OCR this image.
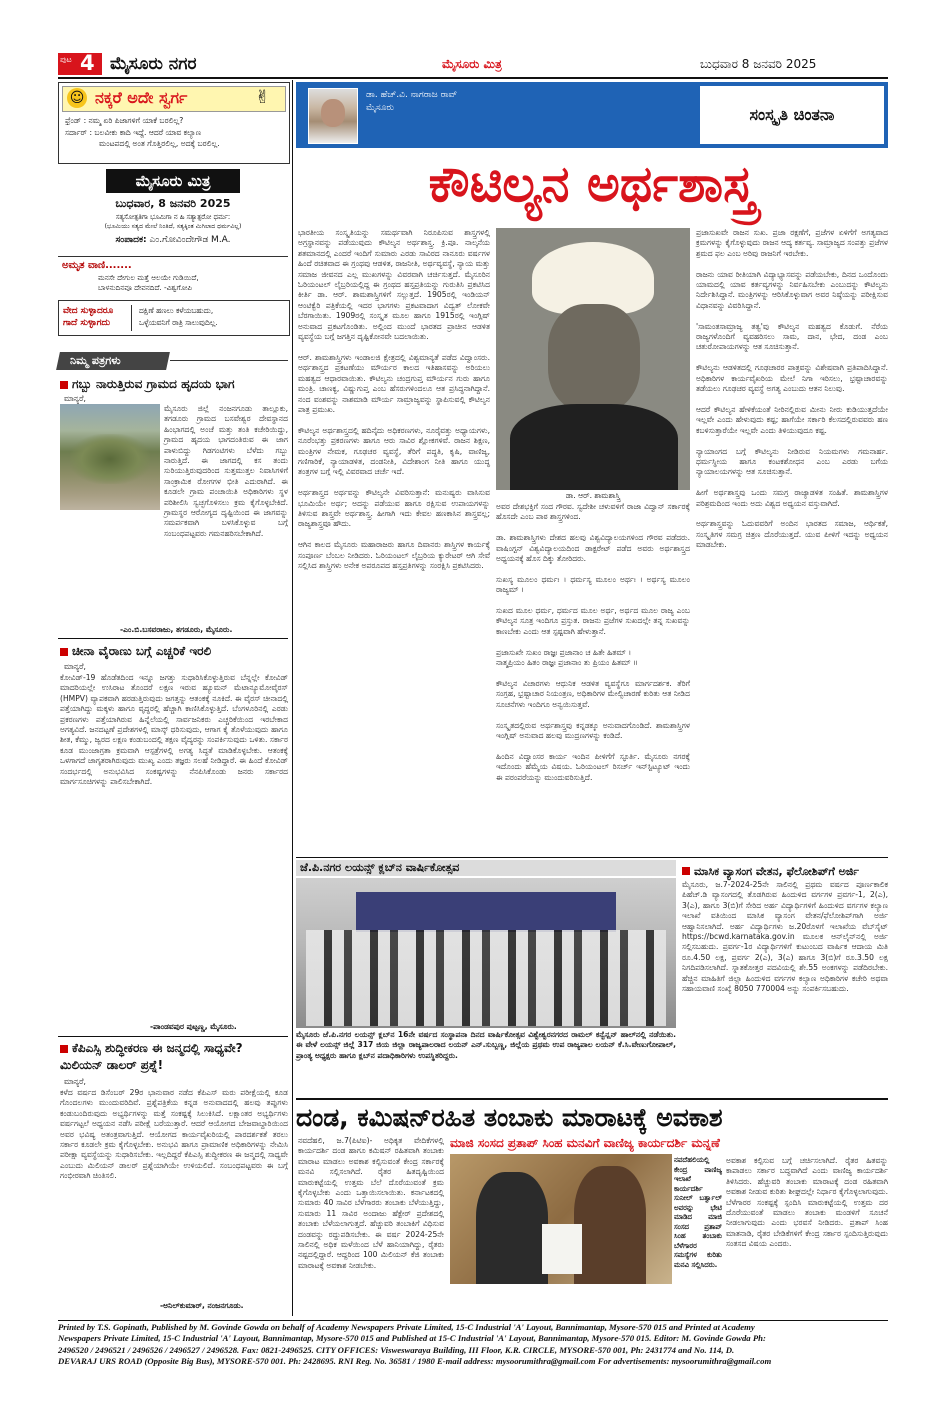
ಪುಟ 4 ಮೈಸೂರು ನಗರ	ಮೈಸೂರು ಮಿತ್ರ	ಬುಧವಾರ 8 ಜನವರಿ 2025
☺ ನಕ್ಕರೆ ಅದೇ ಸ್ವರ್ಗ	✌
ಫ್ರೆಂಡ್ : ನಮ್ಮ ಏರಿ ಪಿಜಾಗಳಿಗೆ ಯಾಕೆ ಬರಲಿಲ್ಲ?
ಸರ್ದಾರ್ : ಬಲವೀಕು ಕಾದಿ ಇದ್ದೆ. ಆದರೆ ಯಾವ ಕಲ್ಯಾಣ
ಮಂಟಪದಲ್ಲಿ ಅಂತ ಗೊತ್ತಿರಲಿಲ್ಲ, ಅದಕ್ಕೆ ಬರಲಿಲ್ಲ.
ಮೈಸೂರು ಮಿತ್ರ
ಬುಧವಾರ, 8 ಜನವರಿ 2025
ಸತ್ಯಸೋತ್ಪತಿಗಾ ಭೂಮಿಗಾ ನ ಹಿ ಸತ್ಯಾತ್ಪರೋ ಧರ್ಮ:
(ಭೂಮಿಯು ಸತ್ಯದ ಮೇಲೆ ನಿಂತಿದೆ, ಸತ್ಯಕ್ಕಿಂತ ಮಿಗಿಲಾದ ಧರ್ಮವಿಲ್ಲ)
ಸಂಪಾದಕ: ಎಂ.ಗೋವಿಂದೇಗೌಡ M.A.
ಅಮೃತ ವಾಣಿ.......
ಮನಸೇ ದೇಗುಲ ಮತ್ತೆ ಆಲಯೇ ಗುಡಿಯಿದೆ,
ಬಾಳನುದಿನವೂ ದೇವನದಿದೆ. -ವಿಶ್ವಗೋಪಿ
ವೇದ ಸುಳ್ಳಾದರೂ ಗಾದೆ ಸುಳ್ಳಾಗದು
ದಕ್ಷಿಣೆ ಹಣಲು ಕಳೆಯಬಹುದು,
ಒಳ್ಳೆಯವನಿಗೆ ರಾತ್ರಿ ಸಾಲುವುದಿಲ್ಲ.
ನಿಮ್ಮ ಪತ್ರಗಳು
ಗಬ್ಬು ನಾರುತ್ತಿರುವ ಗ್ರಾಮದ ಹೃದಯ ಭಾಗ
ಮಾನ್ಯರೆ,
ಮೈಸೂರು ಜಿಲ್ಲೆ ನಂಜನಗೂಡು ತಾಲ್ಲೂಕು, ತಗಡೂರು ಗ್ರಾಮದ ಬಸವೇಶ್ವರ ದೇವಸ್ಥಾನದ ಹಿಂಭಾಗದಲ್ಲಿ ಅಂಚೆ ಮತ್ತು ತಂತಿ ಕಚೇರಿಯಿದ್ದು, ಗ್ರಾಮದ ಹೃದಯ ಭಾಗದಂತಿರುವ ಈ ಜಾಗ ಪಾಳುಬಿದ್ದು ಗಿಡಗಂಟಿಗಳು ಬೆಳೆದು ಗಬ್ಬು ನಾರುತ್ತಿದೆ. ಈ ಜಾಗದಲ್ಲಿ ಕಸ ತಂದು ಸುರಿಯುತ್ತಿರುವುದರಿಂದ ಸುತ್ತಮುತ್ತಲ ನಿವಾಸಿಗಳಿಗೆ ಸಾಂಕ್ರಾಮಿಕ ರೋಗಗಳ ಭೀತಿ ಎದುರಾಗಿದೆ. ಈ ಕೂಡಲೇ ಗ್ರಾಮ ಪಂಚಾಯಿತಿ ಅಧಿಕಾರಿಗಳು ಸ್ಥಳ ಪರಿಶೀಲಿಸಿ ಸ್ವಚ್ಛಗೊಳಿಸಲು ಕ್ರಮ ಕೈಗೊಳ್ಳಬೇಕಿದೆ. ಗ್ರಾಮಸ್ಥರ ಆರೋಗ್ಯದ ದೃಷ್ಟಿಯಿಂದ ಈ ಜಾಗವನ್ನು ಸಮರ್ಪಕವಾಗಿ ಬಳಸಿಕೊಳ್ಳುವ ಬಗ್ಗೆ ಸಂಬಂಧಪಟ್ಟವರು ಗಮನಹರಿಸಬೇಕಾಗಿದೆ.
-ಎಂ.ಬಿ.ಬಸವರಾಜು, ತಗಡೂರು, ಮೈಸೂರು.
ಚೀನಾ ವೈರಾಣು ಬಗ್ಗೆ ಎಚ್ಚರಿಕೆ ಇರಲಿ
ಮಾನ್ಯರೆ,
ಕೋವಿಡ್-19 ಹೊಡೆತದಿಂದ ಇನ್ನೂ ಜಗತ್ತು ಸುಧಾರಿಸಿಕೊಳ್ಳುತ್ತಿರುವ ಬೆನ್ನಲ್ಲೇ ಕೋವಿಡ್ ಮಾದರಿಯಲ್ಲೇ ಉಸಿರಾಟ ತೊಂದರೆ ಲಕ್ಷಣ ಇರುವ ಹ್ಯೂಮನ್ ಮೆಟಾನ್ಯೂಮೋವೈರಸ್ (HMPV) ವ್ಯಾಪಕವಾಗಿ ಹರಡುತ್ತಿರುವುದು ಜಗತ್ತನ್ನು ಆತಂಕಕ್ಕೆ ನೂಕಿದೆ. ಈ ವೈರಸ್ ಚೀನಾದಲ್ಲಿ ಪತ್ತೆಯಾಗಿದ್ದು ಮಕ್ಕಳು ಹಾಗೂ ವೃದ್ಧರಲ್ಲಿ ಹೆಚ್ಚಾಗಿ ಕಾಣಿಸಿಕೊಳ್ಳುತ್ತಿದೆ. ಬೆಂಗಳೂರಿನಲ್ಲಿ ಎರಡು ಪ್ರಕರಣಗಳು ಪತ್ತೆಯಾಗಿರುವ ಹಿನ್ನೆಲೆಯಲ್ಲಿ ಸಾರ್ವಜನಿಕರು ಎಚ್ಚರಿಕೆಯಿಂದ ಇರಬೇಕಾದ ಅಗತ್ಯವಿದೆ. ಜನದಟ್ಟಣೆ ಪ್ರದೇಶಗಳಲ್ಲಿ ಮಾಸ್ಕ್ ಧರಿಸುವುದು, ಆಗಾಗ ಕೈ ತೊಳೆಯುವುದು ಹಾಗೂ ಶೀತ, ಕೆಮ್ಮು, ಜ್ವರದ ಲಕ್ಷಣ ಕಂಡುಬಂದಲ್ಲಿ ತಕ್ಷಣ ವೈದ್ಯರನ್ನು ಸಂಪರ್ಕಿಸುವುದು ಒಳಿತು. ಸರ್ಕಾರ ಕೂಡ ಮುಂಜಾಗ್ರತಾ ಕ್ರಮವಾಗಿ ಆಸ್ಪತ್ರೆಗಳಲ್ಲಿ ಅಗತ್ಯ ಸಿದ್ಧತೆ ಮಾಡಿಕೊಳ್ಳಬೇಕು. ಆತಂಕಕ್ಕೆ ಒಳಗಾಗದೆ ಜಾಗೃತರಾಗಿರುವುದು ಮುಖ್ಯ ಎಂದು ತಜ್ಞರು ಸಲಹೆ ನೀಡಿದ್ದಾರೆ. ಈ ಹಿಂದೆ ಕೋವಿಡ್ ಸಂದರ್ಭದಲ್ಲಿ ಅನುಭವಿಸಿದ ಸಂಕಷ್ಟಗಳನ್ನು ನೆನಪಿಸಿಕೊಂಡು ಜನರು ಸರ್ಕಾರದ ಮಾರ್ಗಸೂಚಿಗಳನ್ನು ಪಾಲಿಸಬೇಕಾಗಿದೆ.
-ಪಾಂಡವಪುರ ಪುಟ್ಟಣ್ಣ, ಮೈಸೂರು.
ಕೆಪಿಎಸ್ಸಿ ಶುದ್ಧೀಕರಣ ಈ ಜನ್ಮದಲ್ಲಿ ಸಾಧ್ಯವೇ? ಮಿಲಿಯನ್ ಡಾಲರ್ ಪ್ರಶ್ನೆ!
ಮಾನ್ಯರೆ,
ಕಳೆದ ವರ್ಷದ ಡಿಸೆಂಬರ್ 29ರ ಭಾನುವಾರ ನಡೆದ ಕೆಪಿಎಸ್ ಮರು ಪರೀಕ್ಷೆಯಲ್ಲಿ ಕೂಡ ಗೊಂದಲಗಳು ಮುಂದುವರಿದಿವೆ. ಪ್ರಶ್ನೆಪತ್ರಿಕೆಯ ಕನ್ನಡ ಅನುವಾದದಲ್ಲಿ ಹಲವು ತಪ್ಪುಗಳು ಕಂಡುಬಂದಿರುವುದು ಅಭ್ಯರ್ಥಿಗಳನ್ನು ಮತ್ತೆ ಸಂಕಷ್ಟಕ್ಕೆ ಸಿಲುಕಿಸಿದೆ. ಲಕ್ಷಾಂತರ ಅಭ್ಯರ್ಥಿಗಳು ವರ್ಷಗಟ್ಟಲೆ ಅಧ್ಯಯನ ನಡೆಸಿ ಪರೀಕ್ಷೆ ಬರೆಯುತ್ತಾರೆ. ಆದರೆ ಆಯೋಗದ ಬೇಜವಾಬ್ದಾರಿಯಿಂದ ಅವರ ಭವಿಷ್ಯ ಅತಂತ್ರವಾಗುತ್ತಿದೆ. ಆಯೋಗದ ಕಾರ್ಯವೈಖರಿಯಲ್ಲಿ ಪಾರದರ್ಶಕತೆ ತರಲು ಸರ್ಕಾರ ಕೂಡಲೇ ಕ್ರಮ ಕೈಗೊಳ್ಳಬೇಕು. ಅನುಭವಿ ಹಾಗೂ ಪ್ರಾಮಾಣಿಕ ಅಧಿಕಾರಿಗಳನ್ನು ನೇಮಿಸಿ ಪರೀಕ್ಷಾ ವ್ಯವಸ್ಥೆಯನ್ನು ಸುಧಾರಿಸಬೇಕು. ಇಲ್ಲದಿದ್ದರೆ ಕೆಪಿಎಸ್ಸಿ ಶುದ್ಧೀಕರಣ ಈ ಜನ್ಮದಲ್ಲಿ ಸಾಧ್ಯವೇ ಎಂಬುದು ಮಿಲಿಯನ್ ಡಾಲರ್ ಪ್ರಶ್ನೆಯಾಗಿಯೇ ಉಳಿಯಲಿದೆ. ಸಂಬಂಧಪಟ್ಟವರು ಈ ಬಗ್ಗೆ ಗಂಭೀರವಾಗಿ ಚಿಂತಿಸಲಿ.
-ಅನಿಲ್‌ಕುಮಾರ್, ನಂಜನಗೂಡು.
ಡಾ. ಹೆಚ್.ವಿ. ನಾಗರಾಜ ರಾವ್
ಮೈಸೂರು	ಸಂಸ್ಕೃತಿ ಚಿಂತನಾ
ಕೌಟಿಲ್ಯನ ಅರ್ಥಶಾಸ್ತ್ರ
ಭಾರತೀಯ ಸಂಸ್ಕೃತಿಯನ್ನು ಸಮರ್ಥವಾಗಿ ನಿರೂಪಿಸುವ ಶಾಸ್ತ್ರಗಳಲ್ಲಿ ಅಗ್ರಸ್ಥಾನವನ್ನು ಪಡೆಯುವುದು ಕೌಟಿಲ್ಯನ ಅರ್ಥಶಾಸ್ತ್ರ. ಕ್ರಿ.ಪೂ. ನಾಲ್ಕನೆಯ ಶತಮಾನದಲ್ಲಿ ಎಂದರೆ ಇಂದಿಗೆ ಸುಮಾರು ಎರಡು ಸಾವಿರದ ನಾನೂರು ವರ್ಷಗಳ ಹಿಂದೆ ರಚಿತವಾದ ಈ ಗ್ರಂಥವು ಆಡಳಿತ, ರಾಜನೀತಿ, ಅರ್ಥವ್ಯವಸ್ಥೆ, ನ್ಯಾಯ ಮತ್ತು ಸಮಾಜ ಜೀವನದ ಎಲ್ಲ ಮುಖಗಳನ್ನು ವಿವರವಾಗಿ ಚರ್ಚಿಸುತ್ತದೆ. ಮೈಸೂರಿನ ಓರಿಯಂಟಲ್ ಲೈಬ್ರರಿಯಲ್ಲಿದ್ದ ಈ ಗ್ರಂಥದ ಹಸ್ತಪ್ರತಿಯನ್ನು ಗುರುತಿಸಿ ಪ್ರಕಟಿಸಿದ ಕೀರ್ತಿ ಡಾ. ಆರ್. ಶಾಮಶಾಸ್ತ್ರಿಗಳಿಗೆ ಸಲ್ಲುತ್ತದೆ. 1905ರಲ್ಲಿ ಇಂಡಿಯನ್ ಆಂಟಿಕ್ವೆರಿ ಪತ್ರಿಕೆಯಲ್ಲಿ ಇದರ ಭಾಗಗಳು ಪ್ರಕಟವಾದಾಗ ವಿದ್ವತ್ ಲೋಕವೇ ಬೆರಗಾಯಿತು. 1909ರಲ್ಲಿ ಸಂಸ್ಕೃತ ಮೂಲ ಹಾಗೂ 1915ರಲ್ಲಿ ಇಂಗ್ಲಿಷ್ ಅನುವಾದ ಪ್ರಕಟಗೊಂಡಿತು. ಅಲ್ಲಿಂದ ಮುಂದೆ ಭಾರತದ ಪ್ರಾಚೀನ ಆಡಳಿತ ವ್ಯವಸ್ಥೆಯ ಬಗ್ಗೆ ಜಗತ್ತಿನ ದೃಷ್ಟಿಕೋನವೇ ಬದಲಾಯಿತು.

ಆರ್. ಶಾಮಶಾಸ್ತ್ರಿಗಳು ಇಂಡಾಲಜಿ ಕ್ಷೇತ್ರದಲ್ಲಿ ವಿಶ್ವಮಾನ್ಯತೆ ಪಡೆದ ವಿದ್ವಾಂಸರು. ಅರ್ಥಶಾಸ್ತ್ರದ ಪ್ರಕಟಣೆಯು ಮೌರ್ಯರ ಕಾಲದ ಇತಿಹಾಸವನ್ನು ಅರಿಯಲು ಮಹತ್ವದ ಆಧಾರವಾಯಿತು. ಕೌಟಿಲ್ಯನು ಚಂದ್ರಗುಪ್ತ ಮೌರ್ಯನ ಗುರು ಹಾಗೂ ಮಂತ್ರಿ. ಚಾಣಕ್ಯ, ವಿಷ್ಣುಗುಪ್ತ ಎಂಬ ಹೆಸರುಗಳಿಂದಲೂ ಆತ ಪ್ರಸಿದ್ಧನಾಗಿದ್ದಾನೆ. ನಂದ ವಂಶವನ್ನು ನಾಶಮಾಡಿ ಮೌರ್ಯ ಸಾಮ್ರಾಜ್ಯವನ್ನು ಸ್ಥಾಪಿಸುವಲ್ಲಿ ಕೌಟಿಲ್ಯನ ಪಾತ್ರ ಪ್ರಮುಖ.

ಕೌಟಿಲ್ಯನ ಅರ್ಥಶಾಸ್ತ್ರದಲ್ಲಿ ಹದಿನೈದು ಅಧಿಕರಣಗಳು, ನೂರೈವತ್ತು ಅಧ್ಯಾಯಗಳು, ನೂರೆಂಭತ್ತು ಪ್ರಕರಣಗಳು ಹಾಗೂ ಆರು ಸಾವಿರ ಶ್ಲೋಕಗಳಿವೆ. ರಾಜನ ಶಿಕ್ಷಣ, ಮಂತ್ರಿಗಳ ನೇಮಕ, ಗೂಢಚರ ವ್ಯವಸ್ಥೆ, ತೆರಿಗೆ ಪದ್ಧತಿ, ಕೃಷಿ, ವಾಣಿಜ್ಯ, ಗಣಿಗಾರಿಕೆ, ನ್ಯಾಯಾಡಳಿತ, ದಂಡನೀತಿ, ವಿದೇಶಾಂಗ ನೀತಿ ಹಾಗೂ ಯುದ್ಧ ತಂತ್ರಗಳ ಬಗ್ಗೆ ಇಲ್ಲಿ ವಿವರವಾದ ಚರ್ಚೆ ಇದೆ.

ಅರ್ಥಶಾಸ್ತ್ರದ ಅರ್ಥವನ್ನು ಕೌಟಿಲ್ಯನೇ ವಿವರಿಸುತ್ತಾನೆ: ಮನುಷ್ಯರು ವಾಸಿಸುವ ಭೂಮಿಯೇ ಅರ್ಥ; ಅದನ್ನು ಪಡೆಯುವ ಹಾಗೂ ರಕ್ಷಿಸುವ ಉಪಾಯಗಳನ್ನು ತಿಳಿಸುವ ಶಾಸ್ತ್ರವೇ ಅರ್ಥಶಾಸ್ತ್ರ. ಹೀಗಾಗಿ ಇದು ಕೇವಲ ಹಣಕಾಸಿನ ಶಾಸ್ತ್ರವಲ್ಲ; ರಾಜ್ಯಶಾಸ್ತ್ರವೂ ಹೌದು.

ಆಗಿನ ಕಾಲದ ಮೈಸೂರು ಮಹಾರಾಜರು ಹಾಗೂ ದಿವಾನರು ಶಾಸ್ತ್ರಿಗಳ ಕಾರ್ಯಕ್ಕೆ ಸಂಪೂರ್ಣ ಬೆಂಬಲ ನೀಡಿದರು. ಓರಿಯಂಟಲ್ ಲೈಬ್ರರಿಯ ಕ್ಯುರೇಟರ್ ಆಗಿ ಸೇವೆ ಸಲ್ಲಿಸಿದ ಶಾಸ್ತ್ರಿಗಳು ಅನೇಕ ಅಪರೂಪದ ಹಸ್ತಪ್ರತಿಗಳನ್ನು ಸಂರಕ್ಷಿಸಿ ಪ್ರಕಟಿಸಿದರು.
ಡಾ. ಆರ್. ಶಾಮಶಾಸ್ತ್ರಿ
ಅವರ ದೇಶಭಕ್ತಿಗೆ ಸಂದ ಗೌರವ. ಸ್ವದೇಶೀ ಚಳುವಳಿಗೆ ರಾಜಾ ವಿದ್ವಾನ್ ಸರ್ಕಾರಕ್ಕೆ ಹೊಸದೇ ಎಂಬ ಪಾಠ ಶಾಸ್ತ್ರಗಳಿಂದ.

ಡಾ. ಶಾಮಶಾಸ್ತ್ರಿಗಳು ದೇಶದ ಹಲವು ವಿಶ್ವವಿದ್ಯಾಲಯಗಳಿಂದ ಗೌರವ ಪಡೆದರು. ವಾಷಿಂಗ್ಟನ್ ವಿಶ್ವವಿದ್ಯಾಲಯದಿಂದ ಡಾಕ್ಟರೇಟ್ ಪಡೆದ ಅವರು ಅರ್ಥಶಾಸ್ತ್ರದ ಅಧ್ಯಯನಕ್ಕೆ ಹೊಸ ದಿಕ್ಕು ತೋರಿದರು.

ಸುಖಸ್ಯ ಮೂಲಂ ಧರ್ಮಃ । ಧರ್ಮಸ್ಯ ಮೂಲಂ ಅರ್ಥಃ । ಅರ್ಥಸ್ಯ ಮೂಲಂ ರಾಜ್ಯಮ್ ।

ಸುಖದ ಮೂಲ ಧರ್ಮ, ಧರ್ಮದ ಮೂಲ ಅರ್ಥ, ಅರ್ಥದ ಮೂಲ ರಾಜ್ಯ ಎಂಬ ಕೌಟಿಲ್ಯನ ಸೂತ್ರ ಇಂದಿಗೂ ಪ್ರಸ್ತುತ. ರಾಜನು ಪ್ರಜೆಗಳ ಸುಖದಲ್ಲೇ ತನ್ನ ಸುಖವನ್ನು ಕಾಣಬೇಕು ಎಂದು ಆತ ಸ್ಪಷ್ಟವಾಗಿ ಹೇಳುತ್ತಾನೆ.

ಪ್ರಜಾಸುಖೇ ಸುಖಂ ರಾಜ್ಞಃ ಪ್ರಜಾನಾಂ ಚ ಹಿತೇ ಹಿತಮ್ ।
ನಾತ್ಮಪ್ರಿಯಂ ಹಿತಂ ರಾಜ್ಞಃ ಪ್ರಜಾನಾಂ ತು ಪ್ರಿಯಂ ಹಿತಮ್ ॥

ಕೌಟಿಲ್ಯನ ವಿಚಾರಗಳು ಆಧುನಿಕ ಆಡಳಿತ ವ್ಯವಸ್ಥೆಗೂ ಮಾರ್ಗದರ್ಶಕ. ತೆರಿಗೆ ಸಂಗ್ರಹ, ಭ್ರಷ್ಟಾಚಾರ ನಿಯಂತ್ರಣ, ಅಧಿಕಾರಿಗಳ ಮೇಲ್ವಿಚಾರಣೆ ಕುರಿತು ಆತ ನೀಡಿದ ಸೂಚನೆಗಳು ಇಂದಿಗೂ ಅನ್ವಯಿಸುತ್ತವೆ.

ಸಂಸ್ಕೃತದಲ್ಲಿರುವ ಅರ್ಥಶಾಸ್ತ್ರವು ಕನ್ನಡಕ್ಕೂ ಅನುವಾದಗೊಂಡಿದೆ. ಶಾಮಶಾಸ್ತ್ರಿಗಳ ಇಂಗ್ಲಿಷ್ ಅನುವಾದ ಹಲವು ಮುದ್ರಣಗಳನ್ನು ಕಂಡಿದೆ.

ಹಿಂದಿನ ವಿದ್ವಾಂಸರ ಕಾರ್ಯ ಇಂದಿನ ಪೀಳಿಗೆಗೆ ಸ್ಫೂರ್ತಿ. ಮೈಸೂರು ನಗರಕ್ಕೆ ಇದೊಂದು ಹೆಮ್ಮೆಯ ವಿಷಯ. ಓರಿಯಂಟಲ್ ರಿಸರ್ಚ್ ಇನ್‌ಸ್ಟಿಟ್ಯೂಟ್ ಇಂದು ಈ ಪರಂಪರೆಯನ್ನು ಮುಂದುವರಿಸುತ್ತಿದೆ.
ಪ್ರಜಾಸುಖವೇ ರಾಜನ ಸುಖ. ಪ್ರಜಾ ರಕ್ಷಣೆಗೆ, ಪ್ರಜೆಗಳ ಏಳಿಗೆಗೆ ಅಗತ್ಯವಾದ ಕ್ರಮಗಳನ್ನು ಕೈಗೊಳ್ಳುವುದು ರಾಜನ ಆದ್ಯ ಕರ್ತವ್ಯ. ಸಾಮ್ರಾಜ್ಯದ ಸಂಪತ್ತು ಪ್ರಜೆಗಳ ಶ್ರಮದ ಫಲ ಎಂಬ ಅರಿವು ರಾಜನಿಗೆ ಇರಬೇಕು.

ರಾಜನು ಯಾವ ರೀತಿಯಾಗಿ ವಿದ್ಯಾಭ್ಯಾಸವನ್ನು ಪಡೆಯಬೇಕು, ದಿನದ ಒಂದೊಂದು ಯಾಮದಲ್ಲಿ ಯಾವ ಕರ್ತವ್ಯಗಳನ್ನು ನಿರ್ವಹಿಸಬೇಕು ಎಂಬುದನ್ನು ಕೌಟಿಲ್ಯನು ನಿರ್ದೇಶಿಸಿದ್ದಾನೆ. ಮಂತ್ರಿಗಳನ್ನು ಆರಿಸಿಕೊಳ್ಳುವಾಗ ಅವರ ನಿಷ್ಠೆಯನ್ನು ಪರೀಕ್ಷಿಸುವ ವಿಧಾನವನ್ನು ವಿವರಿಸಿದ್ದಾನೆ.

'ಸಾಮಂತಸಾಮ್ರಾಜ್ಯ ತತ್ವ'ವು ಕೌಟಿಲ್ಯನ ಮಹತ್ವದ ಕೊಡುಗೆ. ನೆರೆಯ ರಾಜ್ಯಗಳೊಂದಿಗೆ ವ್ಯವಹರಿಸಲು ಸಾಮ, ದಾನ, ಭೇದ, ದಂಡ ಎಂಬ ಚತುರೋಪಾಯಗಳನ್ನು ಆತ ಸೂಚಿಸುತ್ತಾನೆ.

ಕೌಟಿಲ್ಯನು ಆಡಳಿತದಲ್ಲಿ ಗೂಢಚಾರರ ಪಾತ್ರವನ್ನು ವಿಶೇಷವಾಗಿ ಪ್ರತಿಪಾದಿಸಿದ್ದಾನೆ. ಅಧಿಕಾರಿಗಳ ಕಾರ್ಯವೈಖರಿಯ ಮೇಲೆ ನಿಗಾ ಇರಿಸಲು, ಭ್ರಷ್ಟಾಚಾರವನ್ನು ತಡೆಯಲು ಗೂಢಚರ ವ್ಯವಸ್ಥೆ ಅಗತ್ಯ ಎಂಬುದು ಆತನ ನಿಲುವು.

ಆದರೆ ಕೌಟಿಲ್ಯನ ಹೇಳಿಕೆಯಂತೆ ನೀರಿನಲ್ಲಿರುವ ಮೀನು ನೀರು ಕುಡಿಯುತ್ತದೆಯೇ ಇಲ್ಲವೇ ಎಂದು ಹೇಳುವುದು ಕಷ್ಟ; ಹಾಗೆಯೇ ಸರ್ಕಾರಿ ಕೆಲಸದಲ್ಲಿರುವವರು ಹಣ ಕಬಳಿಸುತ್ತಾರೆಯೇ ಇಲ್ಲವೇ ಎಂದು ತಿಳಿಯುವುದೂ ಕಷ್ಟ.

ನ್ಯಾಯಾಂಗದ ಬಗ್ಗೆ ಕೌಟಿಲ್ಯನು ನೀಡಿರುವ ನಿಯಮಗಳು ಗಮನಾರ್ಹ. ಧರ್ಮಸ್ಥೀಯ ಹಾಗೂ ಕಂಟಕಶೋಧನ ಎಂಬ ಎರಡು ಬಗೆಯ ನ್ಯಾಯಾಲಯಗಳನ್ನು ಆತ ಸೂಚಿಸುತ್ತಾನೆ.

ಹೀಗೆ ಅರ್ಥಶಾಸ್ತ್ರವು ಒಂದು ಸಮಗ್ರ ರಾಜ್ಯಾಡಳಿತ ಸಂಹಿತೆ. ಶಾಮಶಾಸ್ತ್ರಿಗಳ ಪರಿಶ್ರಮದಿಂದ ಇಂದು ಅದು ವಿಶ್ವದ ಅಧ್ಯಯನ ವಸ್ತುವಾಗಿದೆ.

ಅರ್ಥಶಾಸ್ತ್ರವನ್ನು ಓದುವವರಿಗೆ ಅಂದಿನ ಭಾರತದ ಸಮಾಜ, ಆರ್ಥಿಕತೆ, ಸಂಸ್ಕೃತಿಗಳ ಸಮಗ್ರ ಚಿತ್ರಣ ದೊರೆಯುತ್ತದೆ. ಯುವ ಪೀಳಿಗೆ ಇದನ್ನು ಅಧ್ಯಯನ ಮಾಡಬೇಕು.
ಜೆ.ಪಿ.ನಗರ ಲಯನ್ಸ್ ಕ್ಲಬ್‌ನ ವಾರ್ಷಿಕೋತ್ಸವ
ಮೈಸೂರು ಜೆ.ಪಿ.ನಗರ ಲಯನ್ಸ್ ಕ್ಲಬ್‌ನ 16ನೇ ವರ್ಷದ ಸಂಸ್ಥಾಪನಾ ದಿನದ ವಾರ್ಷಿಕೋತ್ಸವ ವಿಶ್ವೇಶ್ವರನಗರದ ರಾಮಲ್ ಕನ್ವೆನ್ಷನ್ ಹಾಲ್‌ನಲ್ಲಿ ನಡೆಯಿತು. ಈ ವೇಳೆ ಲಯನ್ಸ್ ಜಿಲ್ಲೆ 317 ಜಿಯ ಜಿಲ್ಲಾ ರಾಜ್ಯಪಾಲರಾದ ಲಯನ್ ಎನ್.ಸುಬ್ಬಣ್ಣ, ಜಿಲ್ಲೆಯ ಪ್ರಥಮ ಉಪ ರಾಜ್ಯಪಾಲ ಲಯನ್ ಕೆ.ಸಿ.ವೇಣುಗೋಪಾಲ್, ಪ್ರಾಂತ್ಯ ಅಧ್ಯಕ್ಷರು ಹಾಗೂ ಕ್ಲಬ್‌ನ ಪದಾಧಿಕಾರಿಗಳು ಉಪಸ್ಥಿತರಿದ್ದರು.
ಮಾಸಿಕ ವ್ಯಾಸಂಗ ವೇತನ, ಫೆಲೋಶಿಪ್‌ಗೆ ಅರ್ಜಿ
ಮೈಸೂರು, ಜ.7-2024-25ನೇ ಸಾಲಿನಲ್ಲಿ ಪ್ರಥಮ ವರ್ಷದ ಪೂರ್ಣಕಾಲಿಕ ಪಿಹೆಚ್.ಡಿ ವ್ಯಾಸಂಗದಲ್ಲಿ ತೊಡಗಿರುವ ಹಿಂದುಳಿದ ವರ್ಗಗಳ ಪ್ರವರ್ಗ-1, 2(ಎ), 3(ಎ), ಹಾಗೂ 3(ಬಿ)ಗೆ ಸೇರಿದ ಅರ್ಹ ವಿದ್ಯಾರ್ಥಿಗಳಿಗೆ ಹಿಂದುಳಿದ ವರ್ಗಗಳ ಕಲ್ಯಾಣ ಇಲಾಖೆ ವತಿಯಿಂದ ಮಾಸಿಕ ವ್ಯಾಸಂಗ ವೇತನ/ಫೆಲೋಶಿಪ್‌ಗಾಗಿ ಅರ್ಜಿ ಆಹ್ವಾನಿಸಲಾಗಿದೆ. ಅರ್ಹ ವಿದ್ಯಾರ್ಥಿಗಳು ಜ.20ರೊಳಗೆ ಇಲಾಖೆಯ ವೆಬ್‌ಸೈಟ್ https://bcwd.karnataka.gov.in ಮೂಲಕ ಆನ್‌ಲೈನ್‌ನಲ್ಲಿ ಅರ್ಜಿ ಸಲ್ಲಿಸಬಹುದು. ಪ್ರವರ್ಗ-1ರ ವಿದ್ಯಾರ್ಥಿಗಳಿಗೆ ಕುಟುಂಬದ ವಾರ್ಷಿಕ ಆದಾಯ ಮಿತಿ ರೂ.4.50 ಲಕ್ಷ, ಪ್ರವರ್ಗ 2(ಎ), 3(ಎ) ಹಾಗೂ 3(ಬಿ)ಗೆ ರೂ.3.50 ಲಕ್ಷ ನಿಗದಿಪಡಿಸಲಾಗಿದೆ. ಸ್ನಾತಕೋತ್ತರ ಪದವಿಯಲ್ಲಿ ಶೇ.55 ಅಂಕಗಳನ್ನು ಪಡೆದಿರಬೇಕು. ಹೆಚ್ಚಿನ ಮಾಹಿತಿಗೆ ಜಿಲ್ಲಾ ಹಿಂದುಳಿದ ವರ್ಗಗಳ ಕಲ್ಯಾಣ ಅಧಿಕಾರಿಗಳ ಕಚೇರಿ ಅಥವಾ ಸಹಾಯವಾಣಿ ಸಂಖ್ಯೆ 8050 770004 ಅನ್ನು ಸಂಪರ್ಕಿಸಬಹುದು.
ದಂಡ, ಕಮಿಷನ್‌ರಹಿತ ತಂಬಾಕು ಮಾರಾಟಕ್ಕೆ ಅವಕಾಶ
ನವದೆಹಲಿ, ಜ.7(ಪಿಟಿಐ)- ಅಧಿಕೃತ ವೇದಿಕೆಗಳಲ್ಲಿ ಕಾರ್ಯದರ್ಶಿ ದಂಡ ಹಾಗೂ ಕಮಿಷನ್ ರಹಿತವಾಗಿ ತಂಬಾಕು ಮಾರಾಟ ಮಾಡಲು ಅವಕಾಶ ಕಲ್ಪಿಸುವಂತೆ ಕೇಂದ್ರ ಸರ್ಕಾರಕ್ಕೆ ಮನವಿ ಸಲ್ಲಿಸಲಾಗಿದೆ. ರೈತರ ಹಿತದೃಷ್ಟಿಯಿಂದ ಮಾರುಕಟ್ಟೆಯಲ್ಲಿ ಉತ್ತಮ ಬೆಲೆ ದೊರೆಯುವಂತೆ ಕ್ರಮ ಕೈಗೊಳ್ಳಬೇಕು ಎಂದು ಒತ್ತಾಯಿಸಲಾಯಿತು. ಕರ್ನಾಟಕದಲ್ಲಿ ಸುಮಾರು 40 ಸಾವಿರ ಬೆಳೆಗಾರರು ತಂಬಾಕು ಬೆಳೆಯುತ್ತಿದ್ದು, ಸುಮಾರು 11 ಸಾವಿರ ಅಂದಾಜು ಹೆಕ್ಟೇರ್ ಪ್ರದೇಶದಲ್ಲಿ ತಂಬಾಕು ಬೆಳೆಯಲಾಗುತ್ತದೆ. ಹೆಚ್ಚುವರಿ ತಂಬಾಕಿಗೆ ವಿಧಿಸುವ ದಂಡವನ್ನು ರದ್ದುಪಡಿಸಬೇಕು. ಈ ವರ್ಷ 2024-25ನೇ ಸಾಲಿನಲ್ಲಿ ಅಧಿಕ ಮಳೆಯಿಂದ ಬೆಳೆ ಹಾನಿಯಾಗಿದ್ದು, ರೈತರು ನಷ್ಟದಲ್ಲಿದ್ದಾರೆ. ಆದ್ದರಿಂದ 100 ಮಿಲಿಯನ್ ಕೆಜಿ ತಂಬಾಕು ಮಾರಾಟಕ್ಕೆ ಅವಕಾಶ ನೀಡಬೇಕು.
ಮಾಜಿ ಸಂಸದ ಪ್ರತಾಪ್ ಸಿಂಹ ಮನವಿಗೆ ವಾಣಿಜ್ಯ ಕಾರ್ಯದರ್ಶಿ ಮನ್ನಣೆ
ನವದೆಹಲಿಯಲ್ಲಿ ಕೇಂದ್ರ ವಾಣಿಜ್ಯ ಇಲಾಖೆ ಕಾರ್ಯದರ್ಶಿ ಸುನೀಲ್ ಬರ್ತ್ವಾಲ್ ಅವರನ್ನು ಭೇಟಿ ಮಾಡಿದ ಮಾಜಿ ಸಂಸದ ಪ್ರತಾಪ್ ಸಿಂಹ ತಂಬಾಕು ಬೆಳೆಗಾರರ ಸಮಸ್ಯೆಗಳ ಕುರಿತು ಮನವಿ ಸಲ್ಲಿಸಿದರು.
ಅವಕಾಶ ಕಲ್ಪಿಸುವ ಬಗ್ಗೆ ಚರ್ಚಿಸಲಾಗಿದೆ. ರೈತರ ಹಿತವನ್ನು ಕಾಪಾಡಲು ಸರ್ಕಾರ ಬದ್ಧವಾಗಿದೆ ಎಂದು ವಾಣಿಜ್ಯ ಕಾರ್ಯದರ್ಶಿ ತಿಳಿಸಿದರು. ಹೆಚ್ಚುವರಿ ತಂಬಾಕು ಮಾರಾಟಕ್ಕೆ ದಂಡ ರಹಿತವಾಗಿ ಅವಕಾಶ ನೀಡುವ ಕುರಿತು ಶೀಘ್ರದಲ್ಲೇ ನಿರ್ಧಾರ ಕೈಗೊಳ್ಳಲಾಗುವುದು. ಬೆಳೆಗಾರರ ಸಂಕಷ್ಟಕ್ಕೆ ಸ್ಪಂದಿಸಿ ಮಾರುಕಟ್ಟೆಯಲ್ಲಿ ಉತ್ತಮ ದರ ದೊರೆಯುವಂತೆ ಮಾಡಲು ತಂಬಾಕು ಮಂಡಳಿಗೆ ಸೂಚನೆ ನೀಡಲಾಗುವುದು ಎಂದು ಭರವಸೆ ನೀಡಿದರು. ಪ್ರತಾಪ್ ಸಿಂಹ ಮಾತನಾಡಿ, ರೈತರ ಬೇಡಿಕೆಗಳಿಗೆ ಕೇಂದ್ರ ಸರ್ಕಾರ ಸ್ಪಂದಿಸುತ್ತಿರುವುದು ಸಂತಸದ ವಿಷಯ ಎಂದರು.
Printed by T.S. Gopinath, Published by M. Govinde Gowda on behalf of Academy Newspapers Private Limited, 15-C Industrial 'A' Layout, Bannimantap, Mysore-570 015 and Printed at Academy
Newspapers Private Limited, 15-C Industrial 'A' Layout, Bannimantap, Mysore-570 015 and Published at 15-C Industrial 'A' Layout, Bannimantap, Mysore-570 015. Editor: M. Govinde Gowda Ph:
2496520 / 2496521 / 2496526 / 2496527 / 2496528. Fax: 0821-2496525. CITY OFFICES: Visweswaraya Building, III Floor, K.R. CIRCLE, MYSORE-570 001, Ph: 2431774 and No. 114, D.
DEVARAJ URS ROAD (Opposite Big Bus), MYSORE-570 001. Ph: 2428695. RNI Reg. No. 36581 / 1980 E-mail address: mysoorumithra@gmail.com For advertisements: mysoorumithra@gmail.com
